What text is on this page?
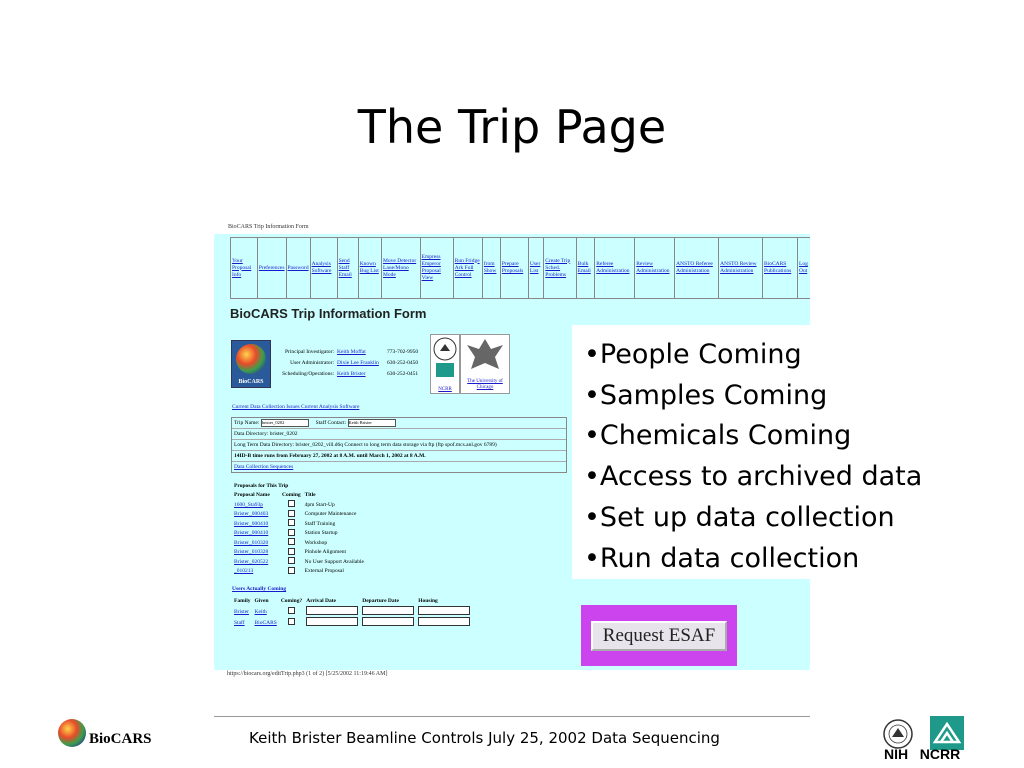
The Trip Page
BioCARS Trip Information Form
Your Proposal Info	Preferences	Password	Analysis Software	Send Staff Email	Known Bug List	Move Detector Laue/Mono Mode	Empress Emperor Proposal View	Run Fridge Ark Full Control	from Show	Prepare Proposals	User List	Create Trip Sched. Problems	Bulk Email	Referee Administration	Review Administration	ANSTO Referee Administration	ANSTO Review Administration	BioCARS Publications	Log Out
BioCARS Trip Information Form
BioCARS
Principal Investigator: Keith Moffat	773-702-9950
User Administrator: Dixie Lee Franklin 630-252-0450
Scheduling/Operations: Keith Brister	630-252-0451
NCRR
The University of Chicago
Current Data Collection Issues Current Analysis Software
Trip Name: brister_0202	Staff Contact: Keith Brister
Data Directory: brister_0202
Long Term Data Directory: brister_0202_vill.d6q Connect to long term data storage via ftp (ftp spof.mcs.anl.gov 6789)
14ID-B time runs from February 27, 2002 at 8 A.M. until March 1, 2002 at 8 A.M.
Data Collection Sequences
Proposals for This Trip		
Proposal Name	Coming	Title
1600_Sta93p		4pm Start-Up
Brister_000403		Computer Maintenance
Brister_000410		Staff Training
Brister_000410		Station Startup
Brister_010320		Workshop
Brister_010328		Pinhole Alignment
Brister_020522		No User Support Available
_010213		External Proposal
Users Actually Coming
Family	Given	Coming?	Arrival Date	Departure Date	Housing
Brister	Keith				
Staff	BioCARS				
https://biocars.org/editTrip.php3 (1 of 2) [5/25/2002 11:19:46 AM]
•People Coming
•Samples Coming
•Chemicals Coming
•Access to archived data
•Set up data collection
•Run data collection
Request ESAF
BioCARS	Keith Brister Beamline Controls July 25, 2002 Data Sequencing
NIH NCRR
